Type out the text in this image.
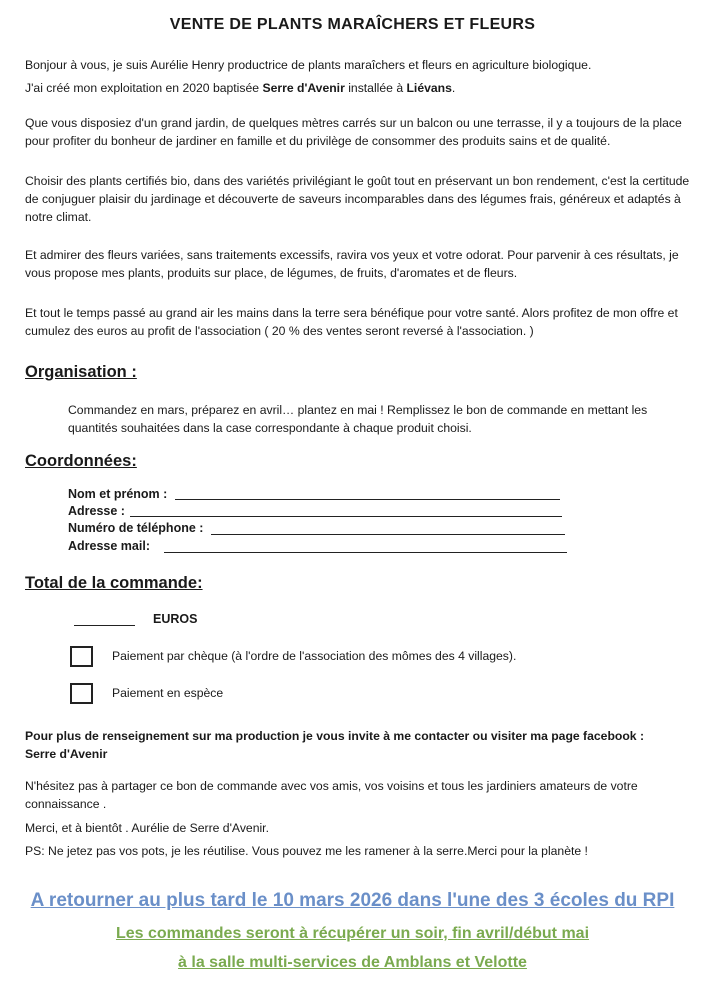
VENTE DE PLANTS MARAÎCHERS ET FLEURS
Bonjour à vous, je suis Aurélie Henry productrice de plants maraîchers et fleurs en agriculture biologique.
J'ai créé mon exploitation en 2020 baptisée Serre d'Avenir installée à Liévans.
Que vous disposiez d'un grand jardin, de quelques mètres carrés sur un balcon ou une terrasse, il y a toujours de la place pour profiter du bonheur de jardiner en famille et du privilège de consommer des produits sains et de qualité.
Choisir des plants certifiés bio, dans des variétés privilégiant le goût tout en préservant un bon rendement, c'est la certitude de conjuguer plaisir du jardinage et découverte de saveurs incomparables dans des légumes frais, généreux et adaptés à notre climat.
Et admirer des fleurs variées, sans traitements excessifs, ravira vos yeux et votre odorat. Pour parvenir à ces résultats, je vous propose mes plants, produits sur place, de légumes, de fruits, d'aromates et de fleurs.
Et tout le temps passé au grand air les mains dans la terre sera bénéfique pour votre santé. Alors profitez de mon offre et cumulez des euros au profit de l'association ( 20 % des ventes seront reversé à l'association. )
Organisation :
Commandez en mars, préparez en avril… plantez en mai ! Remplissez le bon de commande en mettant les quantités souhaitées dans la case correspondante à chaque produit choisi.
Coordonnées:
Nom et prénom :
Adresse :
Numéro de téléphone :
Adresse mail:
Total de la commande:
EUROS
Paiement par chèque (à l'ordre de l'association des mômes des 4 villages).
Paiement en espèce
Pour plus de renseignement sur ma production je vous invite à me contacter ou visiter ma page facebook :
Serre d'Avenir
N'hésitez pas à partager ce bon de commande avec vos amis, vos voisins et tous les jardiniers amateurs de votre connaissance .
Merci, et à bientôt . Aurélie de Serre d'Avenir.
PS: Ne jetez pas vos pots, je les réutilise. Vous pouvez me les ramener à la serre.Merci pour la planète !
A retourner au plus tard le 10 mars 2026 dans l'une des 3 écoles du RPI
Les commandes seront à récupérer un soir, fin avril/début mai
à la salle multi-services de Amblans et Velotte
